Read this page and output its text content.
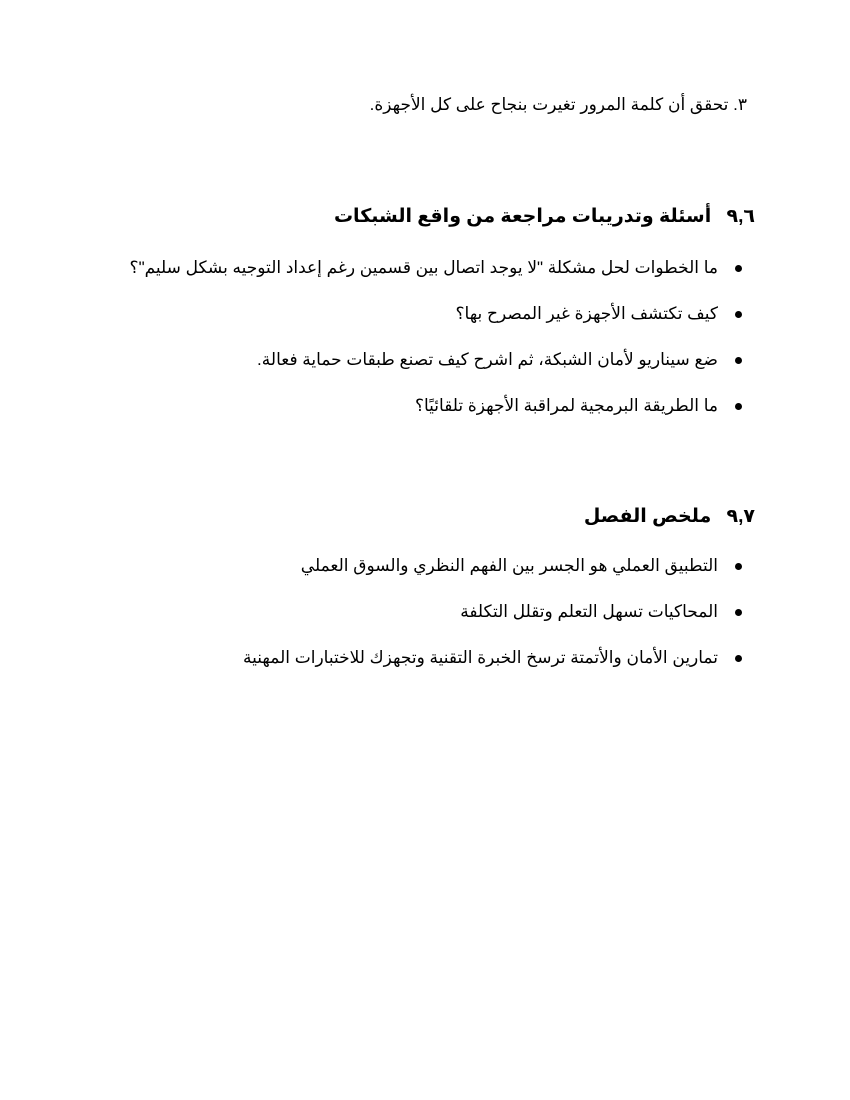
٣. تحقق أن كلمة المرور تغيرت بنجاح على كل الأجهزة.
٩,٦ أسئلة وتدريبات مراجعة من واقع الشبكات
ما الخطوات لحل مشكلة "لا يوجد اتصال بين قسمين رغم إعداد التوجيه بشكل سليم"؟
كيف تكتشف الأجهزة غير المصرح بها؟
ضع سيناريو لأمان الشبكة، ثم اشرح كيف تصنع طبقات حماية فعالة.
ما الطريقة البرمجية لمراقبة الأجهزة تلقائيًا؟
٩,٧ ملخص الفصل
التطبيق العملي هو الجسر بين الفهم النظري والسوق العملي
المحاكيات تسهل التعلم وتقلل التكلفة
تمارين الأمان والأتمتة ترسخ الخبرة التقنية وتجهزك للاختبارات المهنية
